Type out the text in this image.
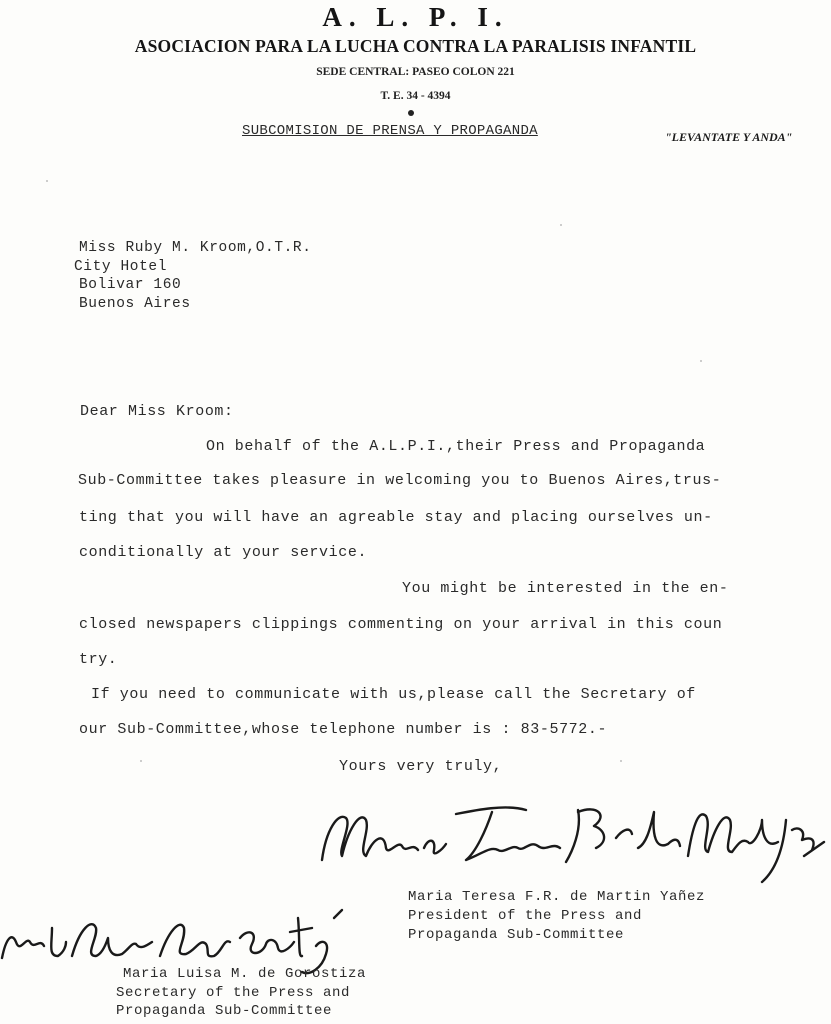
A. L. P. I.
ASOCIACION PARA LA LUCHA CONTRA LA PARALISIS INFANTIL
SEDE CENTRAL: PASEO COLON 221
T. E. 34 - 4394
SUBCOMISION DE PRENSA Y PROPAGANDA	"LEVANTATE Y ANDA"
Miss Ruby M. Kroom,O.T.R.
City Hotel
Bolivar 160
Buenos Aires
Dear Miss Kroom:
On behalf of the A.L.P.I.,their Press and Propaganda
Sub-Committee takes pleasure in welcoming you to Buenos Aires,trus-
ting that you will have an agreable stay and placing ourselves un-
conditionally at your service.
You might be interested in the en-
closed newspapers clippings commenting on your arrival in this coun
try.
If you need to communicate with us,please call the Secretary of
our Sub-Committee,whose telephone number is : 83-5772.-
Yours very truly,
Maria Teresa F.R. de Martin Yañez
President of the Press and
Propaganda Sub-Committee
Maria Luisa M. de Gorostiza
Secretary of the Press and
Propaganda Sub-Committee
